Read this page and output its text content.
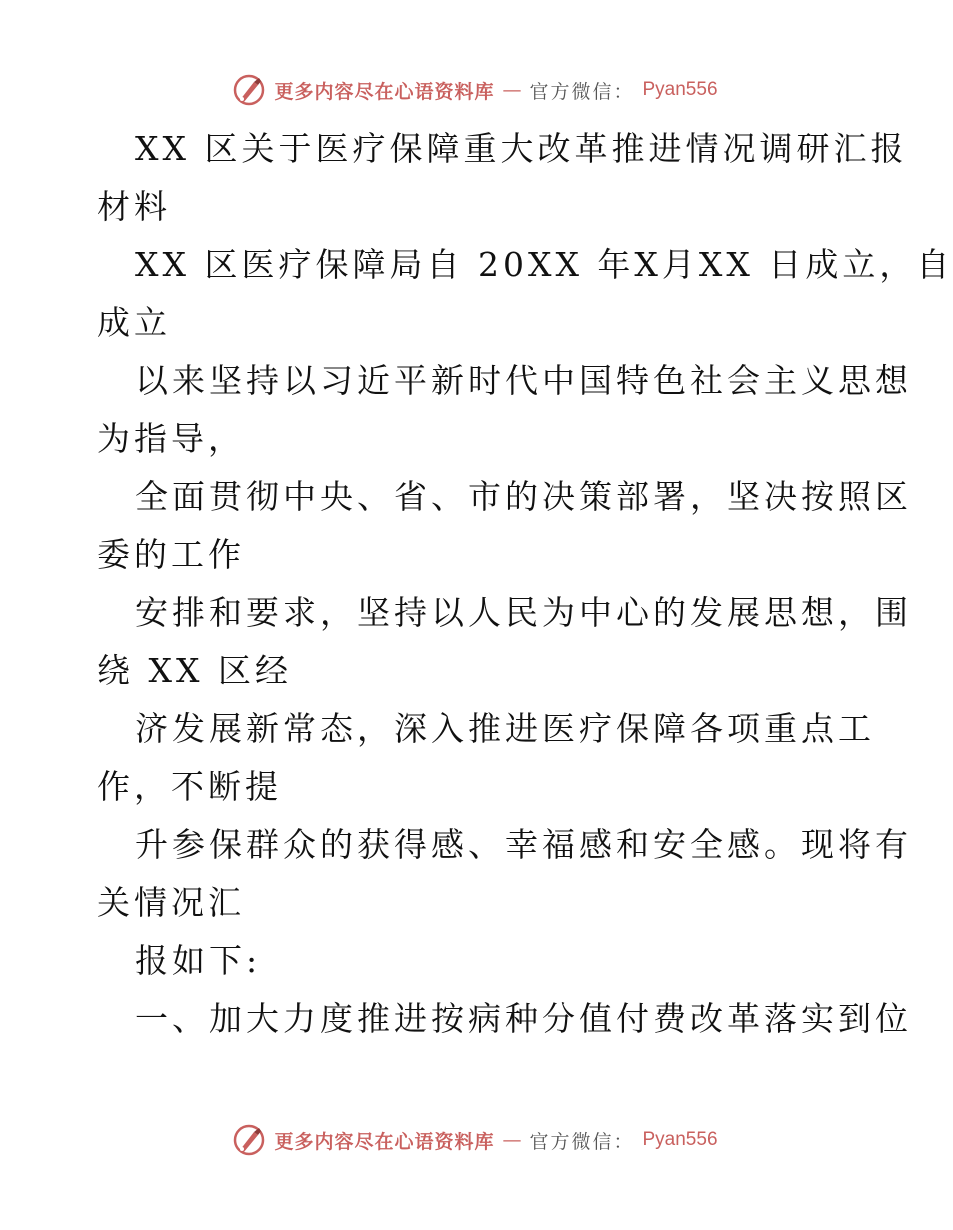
更多内容尽在心语资料库 — 官方微信： Pyan556
XX 区关于医疗保障重大改革推进情况调研汇报
材料
XX 区医疗保障局自 20XX 年X月XX 日成立，自
成立
以来坚持以习近平新时代中国特色社会主义思想
为指导，
全面贯彻中央、省、市的决策部署，坚决按照区
委的工作
安排和要求，坚持以人民为中心的发展思想，围
绕 XX 区经
济发展新常态，深入推进医疗保障各项重点工
作，不断提
升参保群众的获得感、幸福感和安全感。现将有
关情况汇
报如下:
一、加大力度推进按病种分值付费改革落实到位
更多内容尽在心语资料库 — 官方微信： Pyan556
